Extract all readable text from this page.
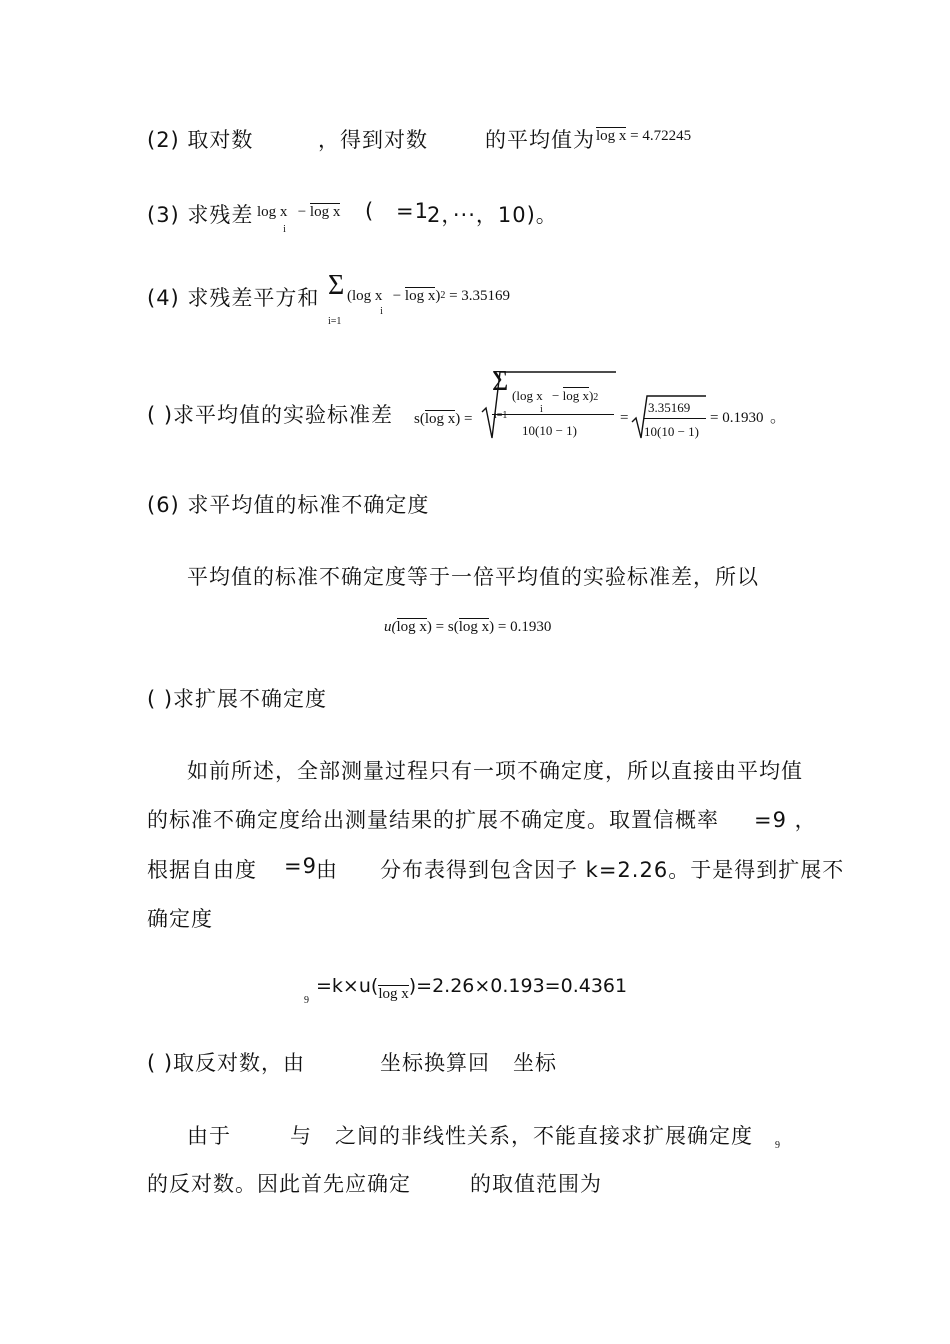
(2) 取对数	，得到对数	的平均值为 log x = 4.72245
(3) 求残差 log x $_i$ − log x ( =1
2，···，10)。
(4) 求残差平方和 Σ
i=1
(log x $_i$ − log x)2 = 3.35169
( )求平均值的实验标准差 s(log x) =
Σ
i=1
(log x $_i$ − log x)2
10(10 − 1)
=
3.35169
10(10 − 1)
= 0.1930 。
(6) 求平均值的标准不确定度
平均值的标准不确定度等于一倍平均值的实验标准差，所以
u(log x) = s(log x) = 0.1930
( )求扩展不确定度
如前所述，全部测量过程只有一项不确定度，所以直接由平均值
的标准不确定度给出测量结果的扩展不确定度。取置信概率 =9 ，
根据自由度 =9 由 分布表得到包含因子 k=2.26。于是得到扩展不
确定度
9
=k×u(log x)=2.26×0.193=0.4361
( )取反对数，由	坐标换算回 坐标
由于	与 之间的非线性关系，不能直接求扩展确定度 9
的反对数。因此首先应确定	的取值范围为
